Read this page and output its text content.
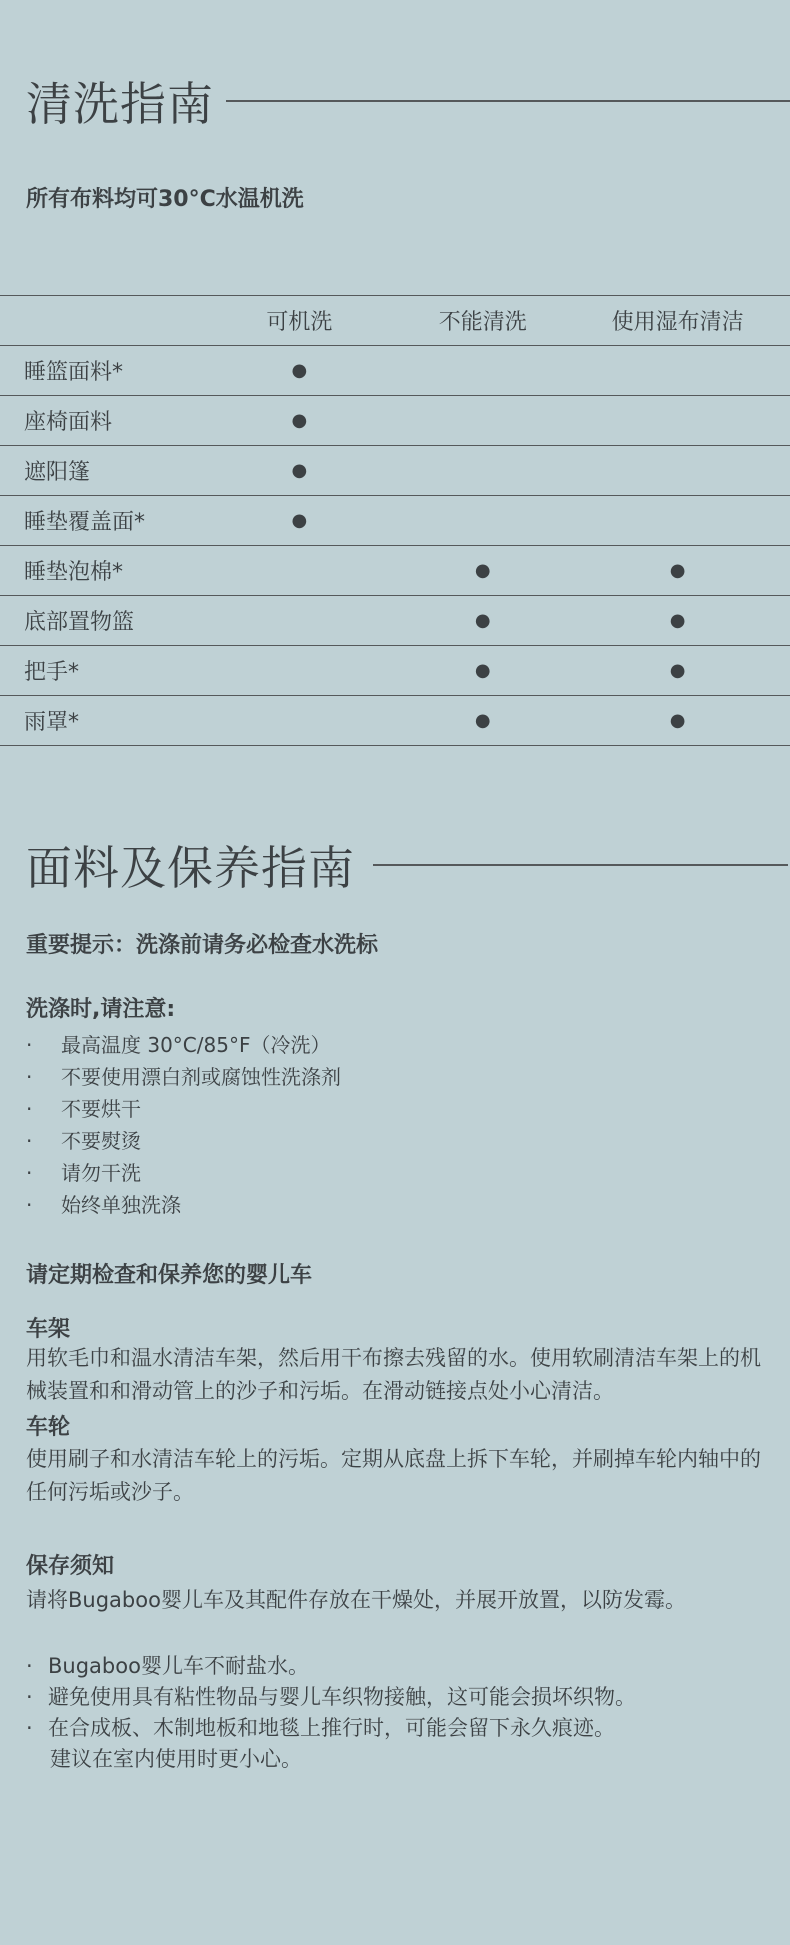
清洗指南

所有布料均可30°C水温机洗

	可机洗	不能清洗	使用湿布清洁
睡篮面料*	●		
座椅面料	●		
遮阳篷	●		
睡垫覆盖面*	●		
睡垫泡棉*		●	●
底部置物篮		●	●
把手*		●	●
雨罩*		●	●
面料及保养指南

重要提示：洗涤前请务必检查水洗标

洗涤时,请注意:

· 最高温度 30°C/85°F（冷洗）
· 不要使用漂白剂或腐蚀性洗涤剂
· 不要烘干
· 不要熨烫
· 请勿干洗
· 始终单独洗涤

请定期检查和保养您的婴儿车

车架

用软毛巾和温水清洁车架，然后用干布擦去残留的水。使用软刷清洁车架上的机械装置和和滑动管上的沙子和污垢。在滑动链接点处小心清洁。

车轮

使用刷子和水清洁车轮上的污垢。定期从底盘上拆下车轮，并刷掉车轮内轴中的任何污垢或沙子。

保存须知

请将Bugaboo婴儿车及其配件存放在干燥处，并展开放置，以防发霉。

· Bugaboo婴儿车不耐盐水。
· 避免使用具有粘性物品与婴儿车织物接触，这可能会损坏织物。
· 在合成板、木制地板和地毯上推行时，可能会留下永久痕迹。
建议在室内使用时更小心。
